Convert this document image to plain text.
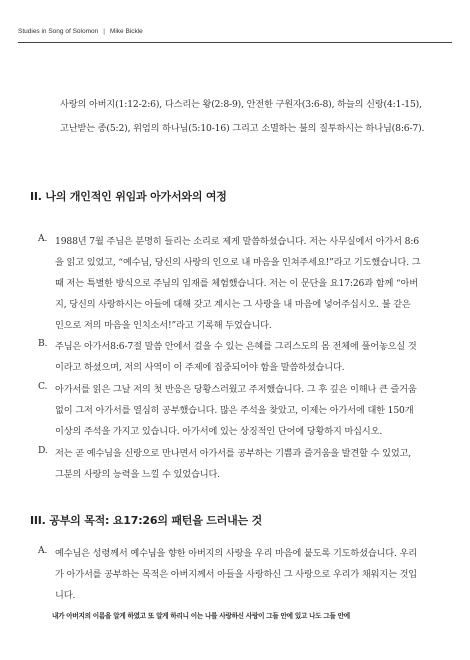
Studies in Song of Solomon | Mike Bickle
사랑의 아버지(1:12-2:6), 다스리는 왕(2:8-9), 안전한 구원자(3:6-8), 하늘의 신랑(4:1-15),
고난받는 종(5:2), 위엄의 하나님(5:10-16) 그리고 소멸하는 불의 질투하시는 하나님(8:6-7).
II. 나의 개인적인 위임과 아가서와의 여정
A. 1988년 7월 주님은 분명히 들리는 소리로 제게 말씀하셨습니다. 저는 사무실에서 아가서 8:6
을 읽고 있었고, “예수님, 당신의 사랑의 인으로 내 마음을 인쳐주세요!”라고 기도했습니다. 그
때 저는 특별한 방식으로 주님의 임재를 체험했습니다. 저는 이 문단을 요17:26과 함께 “아버
지, 당신의 사랑하시는 아들에 대해 갖고 계시는 그 사랑을 내 마음에 넣어주십시오. 불 같은
인으로 저의 마음을 인치소서!”라고 기록해 두었습니다.
B. 주님은 아가서8:6-7절 말씀 안에서 걸을 수 있는 은혜를 그리스도의 몸 전체에 풀어놓으실 것
이라고 하셨으며, 저의 사역이 이 주제에 집중되어야 함을 말씀하셨습니다.
C. 아가서를 읽은 그날 저의 첫 반응은 당황스러웠고 주저했습니다. 그 후 깊은 이해나 큰 즐거움
없이 그저 아가서를 열심히 공부했습니다. 많은 주석을 찾았고, 이제는 아가서에 대한 150개
이상의 주석을 가지고 있습니다. 아가서에 있는 상징적인 단어에 당황하지 마십시오.
D. 저는 곧 예수님을 신랑으로 만나면서 아가서를 공부하는 기쁨과 즐거움을 발견할 수 있었고,
그분의 사랑의 능력을 느낄 수 있었습니다.
III. 공부의 목적: 요17:26의 패턴을 드러내는 것
A. 예수님은 성령께서 예수님을 향한 아버지의 사랑을 우리 마음에 붙도록 기도하셨습니다. 우리
가 아가서를 공부하는 목적은 아버지께서 아들을 사랑하신 그 사랑으로 우리가 채워지는 것입
니다.
내가 아버지의 이름을 알게 하였고 또 알게 하리니 이는 나를 사랑하신 사랑이 그들 안에 있고 나도 그들 안에
